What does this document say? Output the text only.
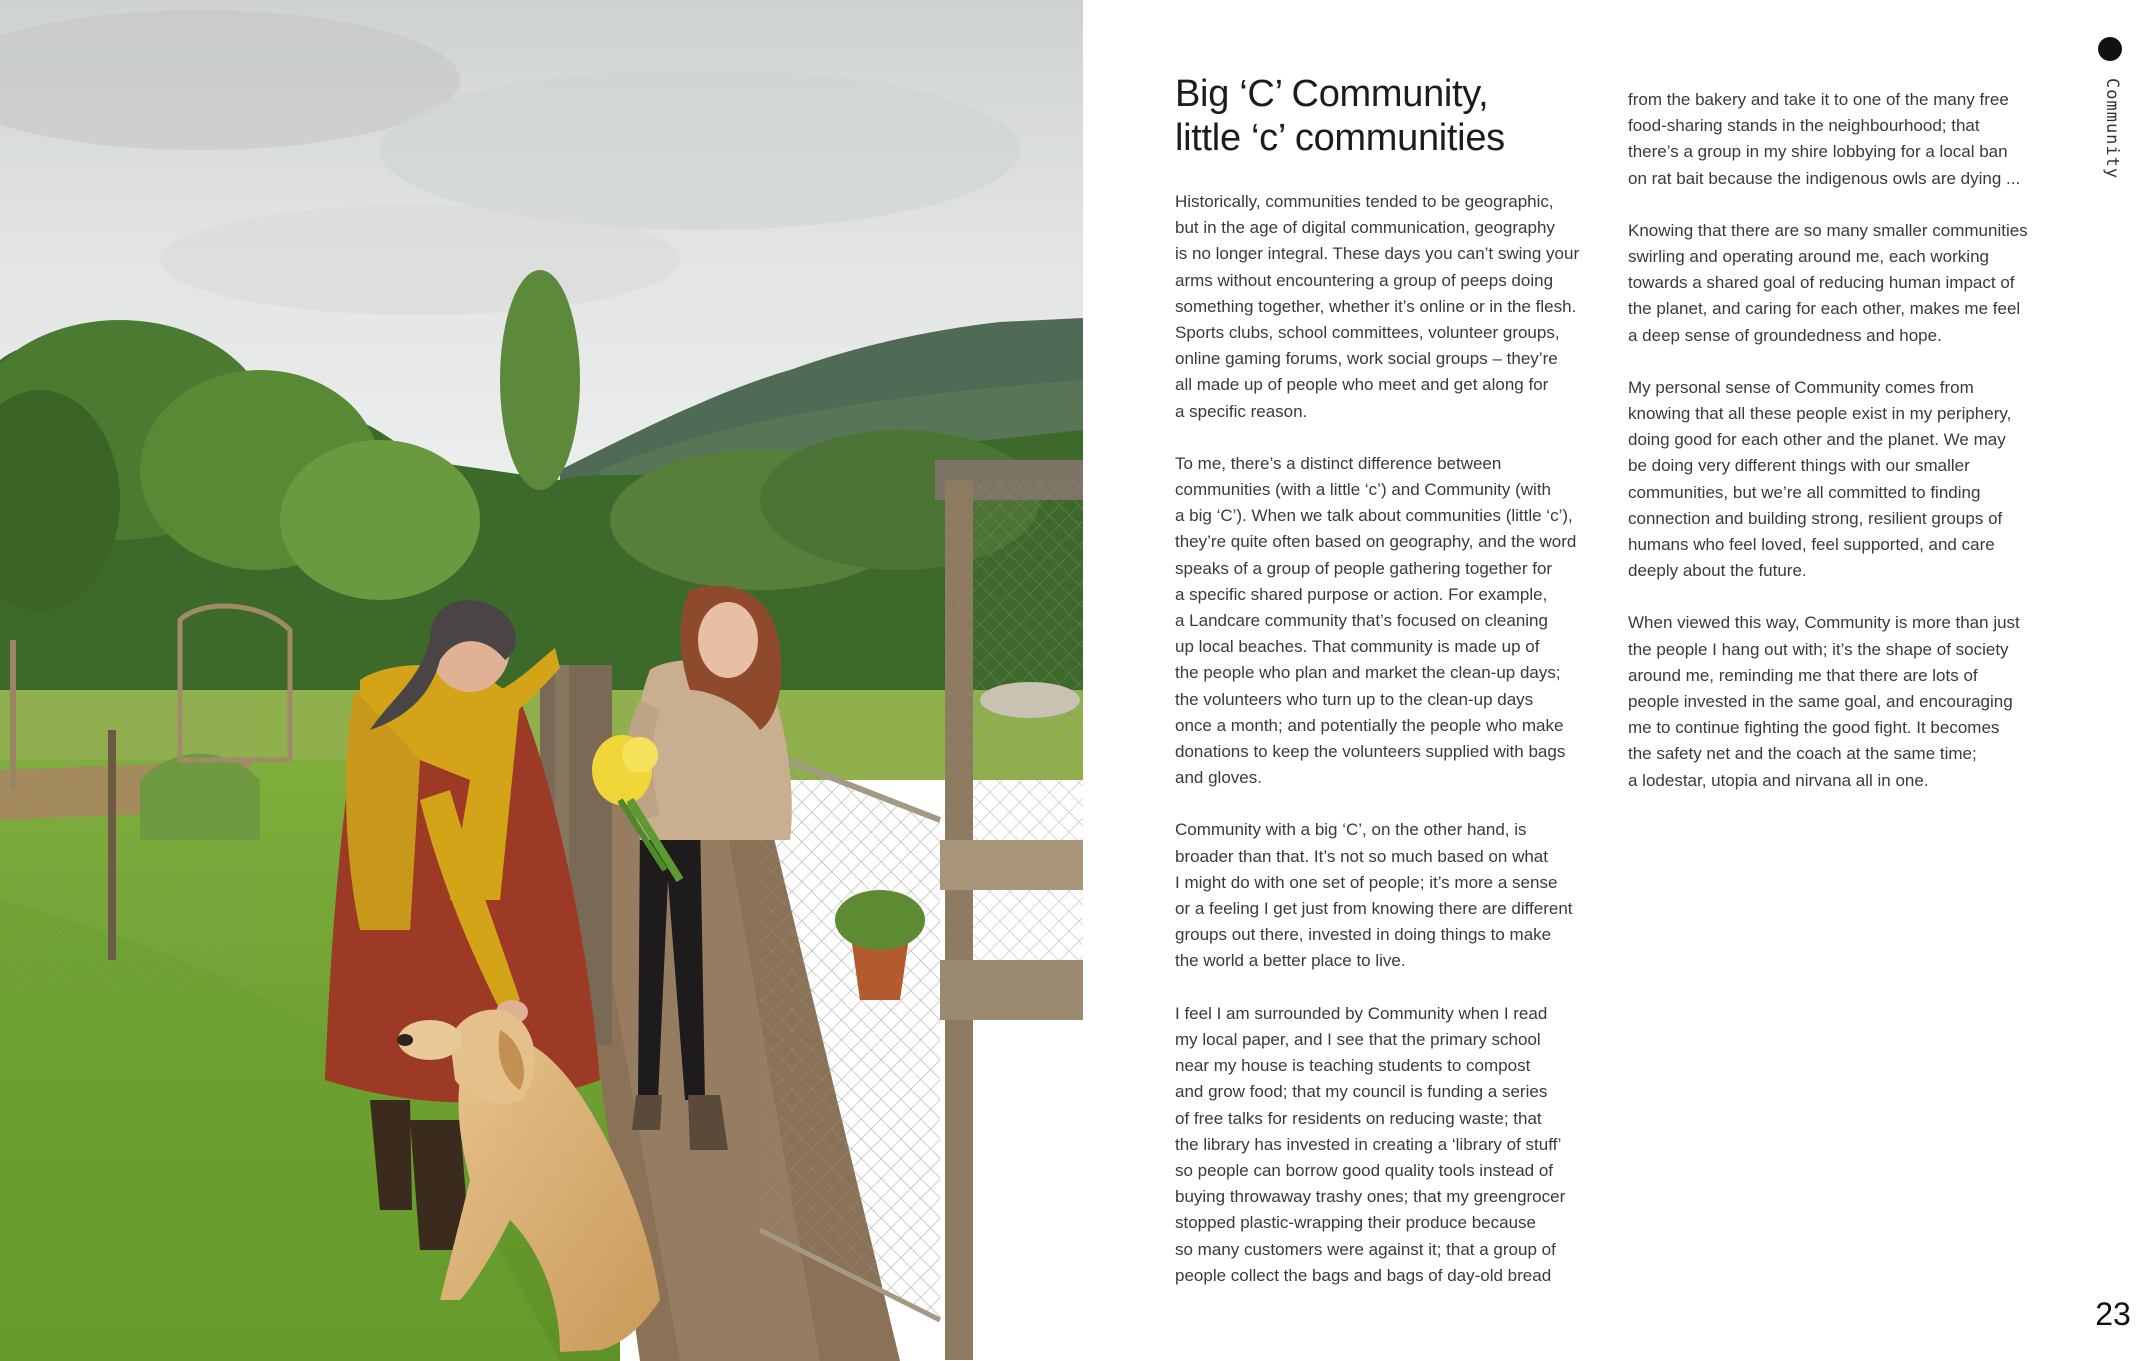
Big ‘C’ Community,
little ‘c’ communities

Historically, communities tended to be geographic,
but in the age of digital communication, geography
is no longer integral. These days you can’t swing your
arms without encountering a group of peeps doing
something together, whether it’s online or in the flesh.
Sports clubs, school committees, volunteer groups,
online gaming forums, work social groups – they’re
all made up of people who meet and get along for
a specific reason.

To me, there’s a distinct difference between
communities (with a little ‘c’) and Community (with
a big ‘C’). When we talk about communities (little ‘c’),
they’re quite often based on geography, and the word
speaks of a group of people gathering together for
a specific shared purpose or action. For example,
a Landcare community that’s focused on cleaning
up local beaches. That community is made up of
the people who plan and market the clean-up days;
the volunteers who turn up to the clean-up days
once a month; and potentially the people who make
donations to keep the volunteers supplied with bags
and gloves.

Community with a big ‘C’, on the other hand, is
broader than that. It’s not so much based on what
I might do with one set of people; it’s more a sense
or a feeling I get just from knowing there are different
groups out there, invested in doing things to make
the world a better place to live.

I feel I am surrounded by Community when I read
my local paper, and I see that the primary school
near my house is teaching students to compost
and grow food; that my council is funding a series
of free talks for residents on reducing waste; that
the library has invested in creating a ‘library of stuff’
so people can borrow good quality tools instead of
buying throwaway trashy ones; that my greengrocer
stopped plastic-wrapping their produce because
so many customers were against it; that a group of
people collect the bags and bags of day-old bread

from the bakery and take it to one of the many free
food-sharing stands in the neighbourhood; that
there’s a group in my shire lobbying for a local ban
on rat bait because the indigenous owls are dying ...

Knowing that there are so many smaller communities
swirling and operating around me, each working
towards a shared goal of reducing human impact of
the planet, and caring for each other, makes me feel
a deep sense of groundedness and hope.

My personal sense of Community comes from
knowing that all these people exist in my periphery,
doing good for each other and the planet. We may
be doing very different things with our smaller
communities, but we’re all committed to finding
connection and building strong, resilient groups of
humans who feel loved, feel supported, and care
deeply about the future.

When viewed this way, Community is more than just
the people I hang out with; it’s the shape of society
around me, reminding me that there are lots of
people invested in the same goal, and encouraging
me to continue fighting the good fight. It becomes
the safety net and the coach at the same time;
a lodestar, utopia and nirvana all in one.

Community
23
